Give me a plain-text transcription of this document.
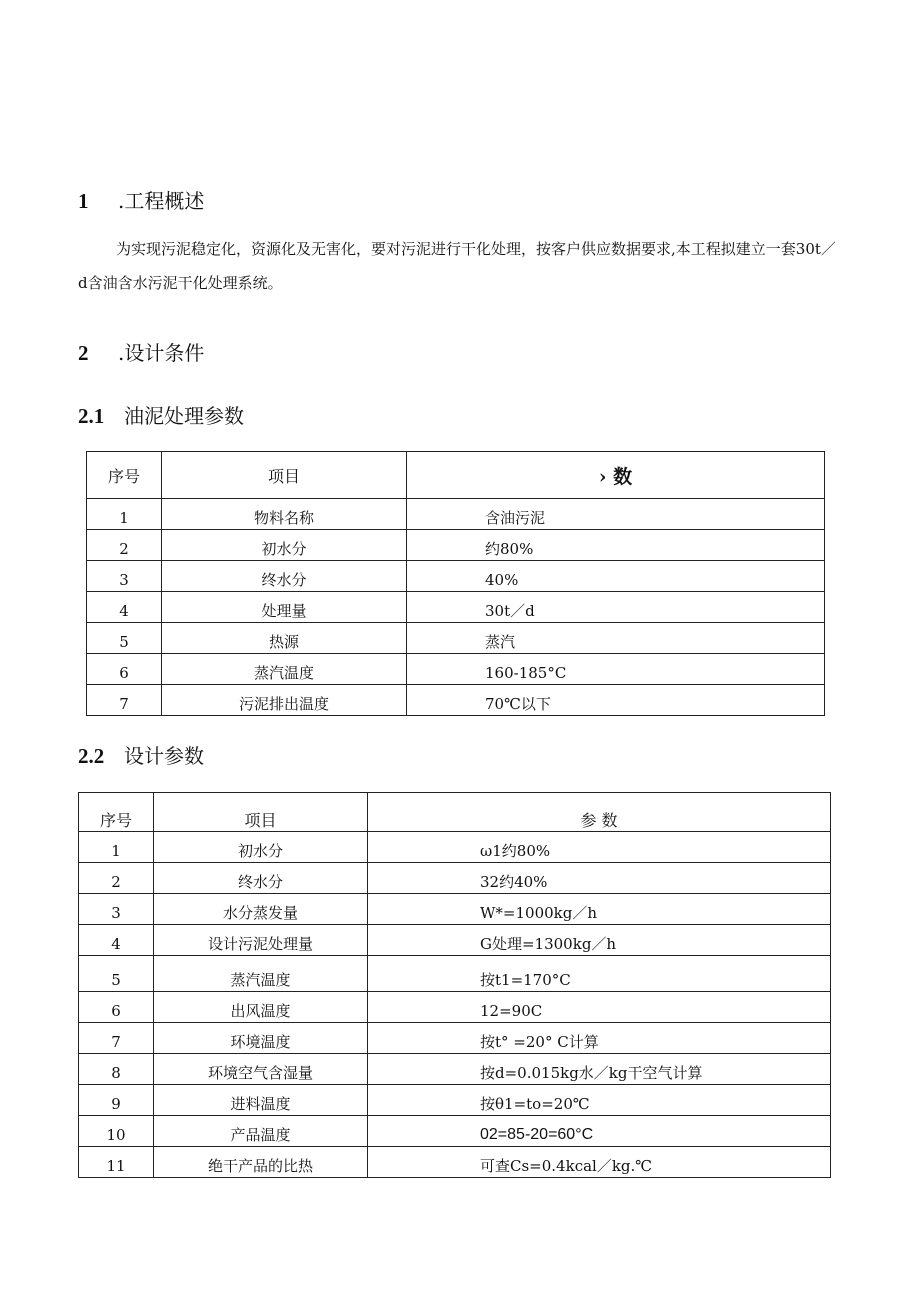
1 .工程概述
为实现污泥稳定化，资源化及无害化，要对污泥进行干化处理，按客户供应数据要求,本工程拟建立一套30t／d含油含水污泥干化处理系统。
2 .设计条件
2.1 油泥处理参数
序号	项目	› 数
1	物料名称	含油污泥
2	初水分	约80%
3	终水分	40%
4	处理量	30t／d
5	热源	蒸汽
6	蒸汽温度	160-185°C
7	污泥排出温度	70℃以下
2.2 设计参数
序号	项目	参 数
1	初水分	ω1约80%
2	终水分	32约40%
3	水分蒸发量	W*=1000kg／h
4	设计污泥处理量	G处理=1300kg／h
5	蒸汽温度	按t1=170°C
6	出风温度	12=90C
7	环境温度	按t° =20° C计算
8	环境空气含湿量	按d=0.015kg水／kg干空气计算
9	进料温度	按θ1=to=20℃
10	产品温度	02=85-20=60°C
11	绝干产品的比热	可查Cs=0.4kcal／kg.℃
